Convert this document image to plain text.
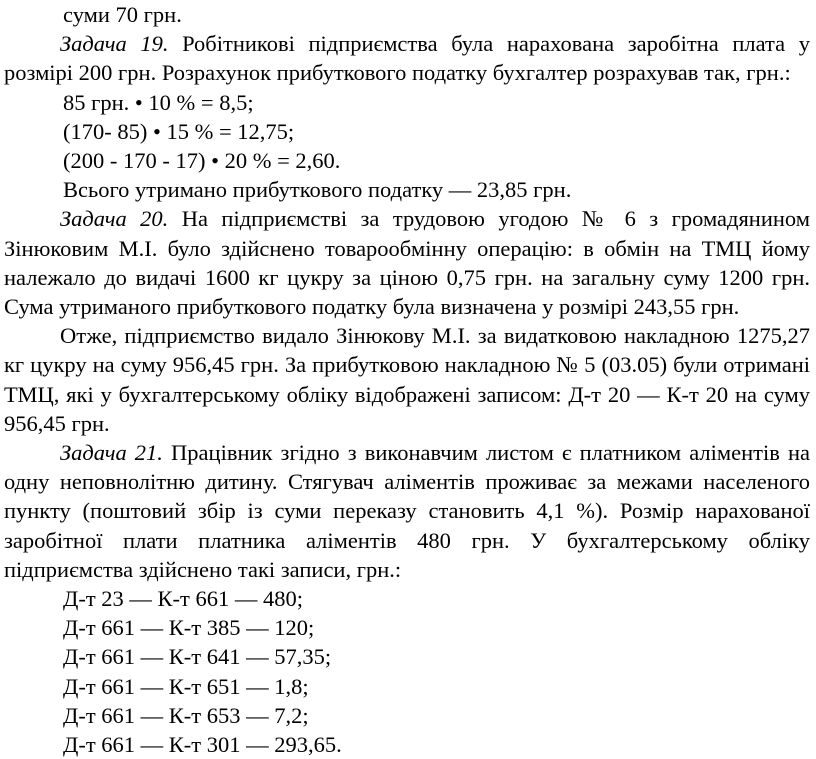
суми 70 грн.

Задача 19. Робітникові підприємства була нарахована заробітна плата у розмірі 200 грн. Розрахунок прибуткового податку бухгалтер розрахував так, грн.:

85 грн. • 10 % = 8,5;

(170- 85) • 15 % = 12,75;

(200 - 170 - 17) • 20 % = 2,60.

Всього утримано прибуткового податку — 23,85 грн.

Задача 20. На підприємстві за трудовою угодою № 6 з громадянином Зінюковим М.І. було здійснено товарообмінну операцію: в обмін на ТМЦ йому належало до видачі 1600 кг цукру за ціною 0,75 грн. на загальну суму 1200 грн. Сума утриманого прибуткового податку була визначена у розмірі 243,55 грн.

Отже, підприємство видало Зінюкову М.І. за видатковою накладною 1275,27 кг цукру на суму 956,45 грн. За прибутковою накладною № 5 (03.05) були отримані ТМЦ, які у бухгалтерському обліку відображені записом: Д-т 20 — К-т 20 на суму 956,45 грн.

Задача 21. Працівник згідно з виконавчим листом є платником аліментів на одну неповнолітню дитину. Стягувач аліментів проживає за межами населеного пункту (поштовий збір із суми переказу становить 4,1 %). Розмір нарахованої заробітної плати платника аліментів 480 грн. У бухгалтерському обліку підприємства здійснено такі записи, грн.:

Д-т 23 — К-т 661 — 480;

Д-т 661 — К-т 385 — 120;

Д-т 661 — К-т 641 — 57,35;

Д-т 661 — К-т 651 — 1,8;

Д-т 661 — К-т 653 — 7,2;

Д-т 661 — К-т 301 — 293,65.
